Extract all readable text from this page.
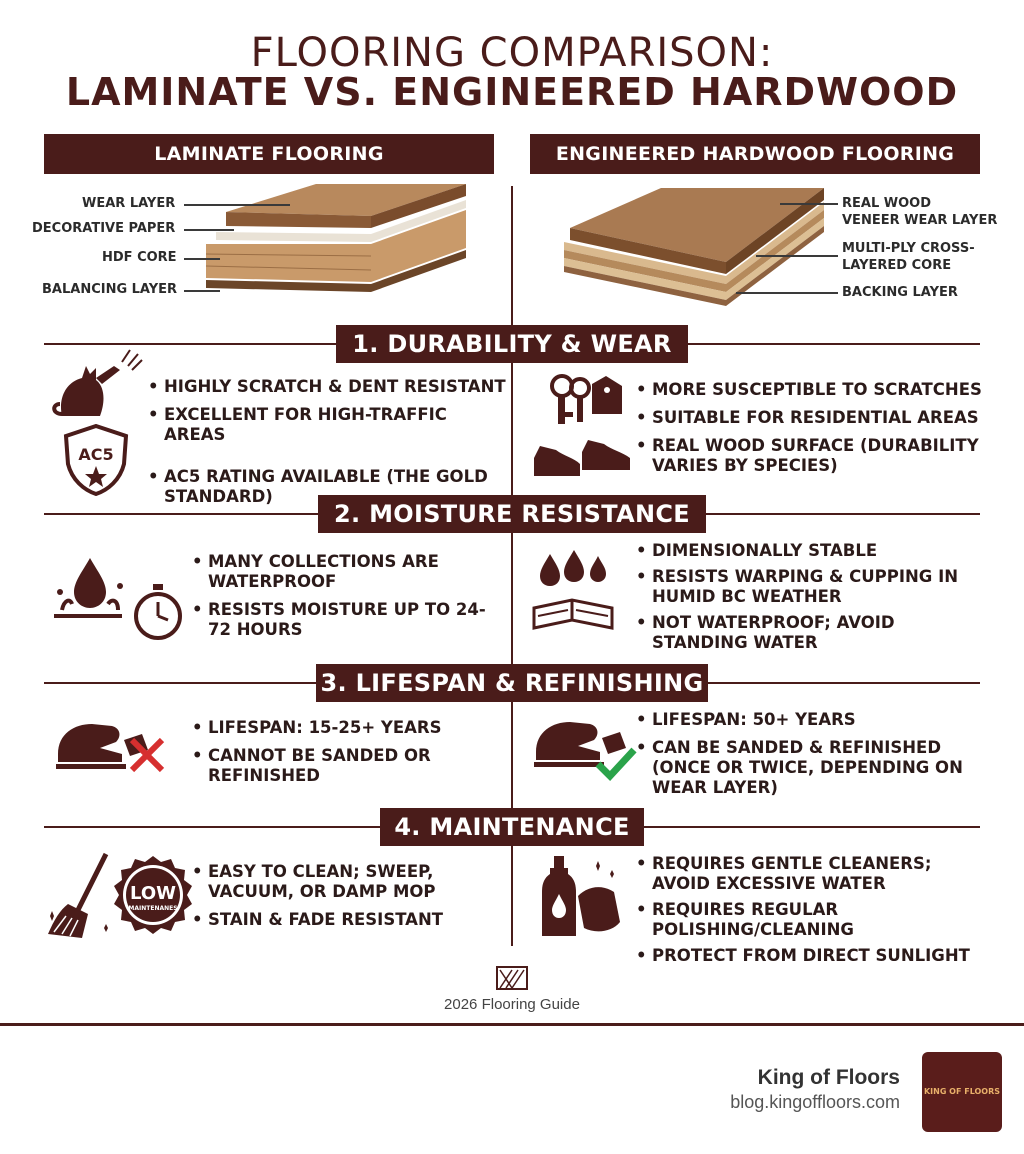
FLOORING COMPARISON:
LAMINATE VS. ENGINEERED HARDWOOD
LAMINATE FLOORING	ENGINEERED HARDWOOD FLOORING
WEAR LAYER
DECORATIVE PAPER
HDF CORE
BALANCING LAYER
REAL WOOD
VENEER WEAR LAYER
MULTI-PLY CROSS-
LAYERED CORE
BACKING LAYER
1. DURABILITY & WEAR
AC5
• HIGHLY SCRATCH & DENT RESISTANT
• EXCELLENT FOR HIGH-TRAFFIC AREAS
• AC5 RATING AVAILABLE (THE GOLD STANDARD)
• MORE SUSCEPTIBLE TO SCRATCHES
• SUITABLE FOR RESIDENTIAL AREAS
• REAL WOOD SURFACE (DURABILITY VARIES BY SPECIES)
2. MOISTURE RESISTANCE
• MANY COLLECTIONS ARE WATERPROOF
• RESISTS MOISTURE UP TO 24-72 HOURS
• DIMENSIONALLY STABLE
• RESISTS WARPING & CUPPING IN HUMID BC WEATHER
• NOT WATERPROOF; AVOID STANDING WATER
3. LIFESPAN & REFINISHING
• LIFESPAN: 15-25+ YEARS
• CANNOT BE SANDED OR REFINISHED
• LIFESPAN: 50+ YEARS
• CAN BE SANDED & REFINISHED (ONCE OR TWICE, DEPENDING ON WEAR LAYER)
4. MAINTENANCE
LOW
MAINTENANES
• EASY TO CLEAN; SWEEP, VACUUM, OR DAMP MOP
• STAIN & FADE RESISTANT
• REQUIRES GENTLE CLEANERS; AVOID EXCESSIVE WATER
• REQUIRES REGULAR POLISHING/CLEANING
• PROTECT FROM DIRECT SUNLIGHT
2026 Flooring Guide
King of Floors
blog.kingoffloors.com
KING OF FLOORS
